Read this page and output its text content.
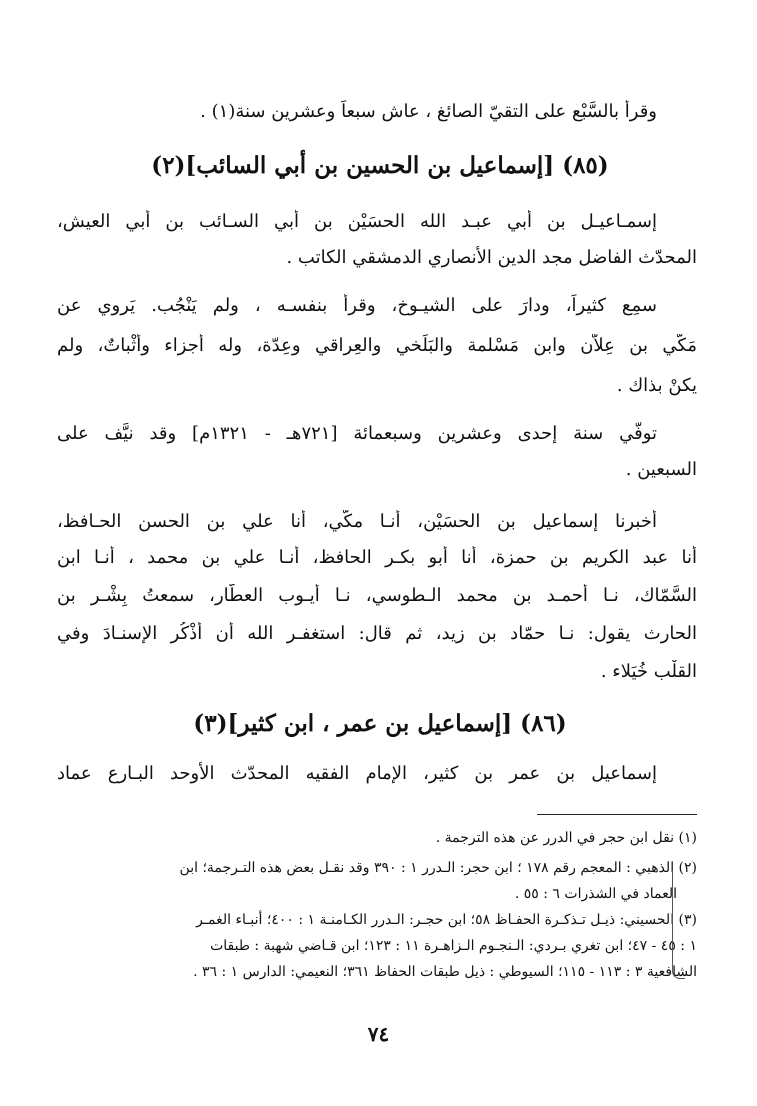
وقرأ بالسَّبْع على التقيّ الصائغ ، عاش سبعاً وعشرين سنة(١) .
(٨٥) [إسماعيل بن الحسين بن أبي السائب](٢)
إسمـاعيـل بن أبي عبـد الله الحسَيْن بن أبي السـائب بن أبي العيش،
المحدّث الفاضل مجد الدين الأنصاري الدمشقي الكاتب .
سمِع كثيراً، ودارَ على الشيـوخ، وقرأ بنفسـه ، ولم يَنْجُب. يَروي عن
مَكّي بن عِلاّن وابن مَسْلمة والبَلَخي والعِراقي وعِدّة، وله أجزاء وأثْباتٌ، ولم
يكنْ بذاك .
توفّي سنة إحدى وعشرين وسبعمائة [٧٢١هـ - ١٣٢١م] وقد نيَّف على
السبعين .
أخبرنا إسماعيل بن الحسَيْن، أنـا مكّي، أنا علي بن الحسن الحـافظ،
أنا عبد الكريم بن حمزة، أنا أبو بكـر الحافظ، أنـا علي بن محمد ، أنـا ابن
السَّمّاك، نـا أحمـد بن محمد الـطوسي، نـا أيـوب العطّار، سمعتُ بِشْـر بن
الحارث يقول: نـا حمّاد بن زيد، ثم قال: استغفـر الله أن أذْكُر الإسنـادَ وفي
القلْب خُيَلاء .
(٨٦) [إسماعيل بن عمر ، ابن كثير](٣)
إسماعيل بن عمر بن كثير، الإمام الفقيه المحدّث الأوحد البـارع عماد
(١) نقل ابن حجر في الدرر عن هذه الترجمة .
(٢) الذهبي : المعجم رقم ١٧٨ ؛ ابن حجر: الـدرر ١ : ٣٩٠ وقد نقـل بعض هذه التـرجمة؛ ابن
العماد في الشذرات ٦ : ٥٥ .
(٣) الحسيني: ذيـل تـذكـرة الحفـاظ ٥٨؛ ابن حجـر: الـدرر الكـامنـة ١ : ٤٠٠؛ أنبـاء الغمـر
١ : ٤٥ - ٤٧؛ ابن تغري بـردي: الـنجـوم الـزاهـرة ١١ : ١٢٣؛ ابن قـاضي شهبة : طبقات
الشافعية ٣ : ١١٣ - ١١٥؛ السيوطي : ذيل طبقات الحفاظ ٣٦١؛ النعيمي: الدارس ١ : ٣٦ .
٧٤
